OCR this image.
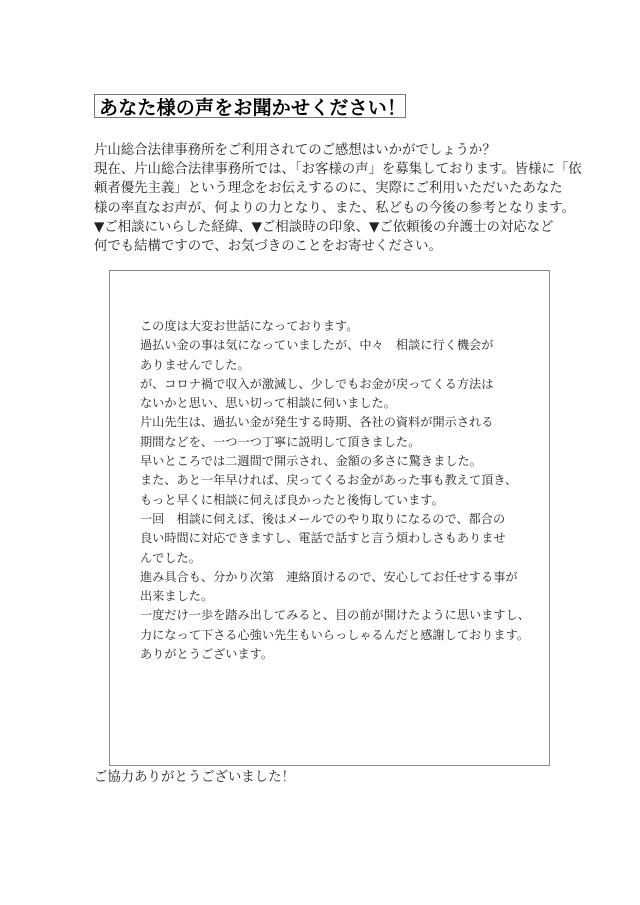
あなた様の声をお聞かせください！
片山総合法律事務所をご利用されてのご感想はいかがでしょうか？
現在、片山総合法律事務所では、「お客様の声」を募集しております。皆様に「依
頼者優先主義」という理念をお伝えするのに、実際にご利用いただいたあなた
様の率直なお声が、何よりの力となり、また、私どもの今後の参考となります。
▼ご相談にいらした経緯、▼ご相談時の印象、▼ご依頼後の弁護士の対応など
何でも結構ですので、お気づきのことをお寄せください。
この度は大変お世話になっております。
過払い金の事は気になっていましたが、中々　相談に行く機会が
ありませんでした。
が、コロナ禍で収入が激減し、少しでもお金が戻ってくる方法は
ないかと思い、思い切って相談に伺いました。
片山先生は、過払い金が発生する時期、各社の資料が開示される
期間などを、一つ一つ丁寧に説明して頂きました。
早いところでは二週間で開示され、金額の多さに驚きました。
また、あと一年早ければ、戻ってくるお金があった事も教えて頂き、
もっと早くに相談に伺えば良かったと後悔しています。
一回　相談に伺えば、後はメールでのやり取りになるので、都合の
良い時間に対応できますし、電話で話すと言う煩わしさもありませ
んでした。
進み具合も、分かり次第　連絡頂けるので、安心してお任せする事が
出来ました。
一度だけ一歩を踏み出してみると、目の前が開けたように思いますし、
力になって下さる心強い先生もいらっしゃるんだと感謝しております。
ありがとうございます。
ご協力ありがとうございました！
